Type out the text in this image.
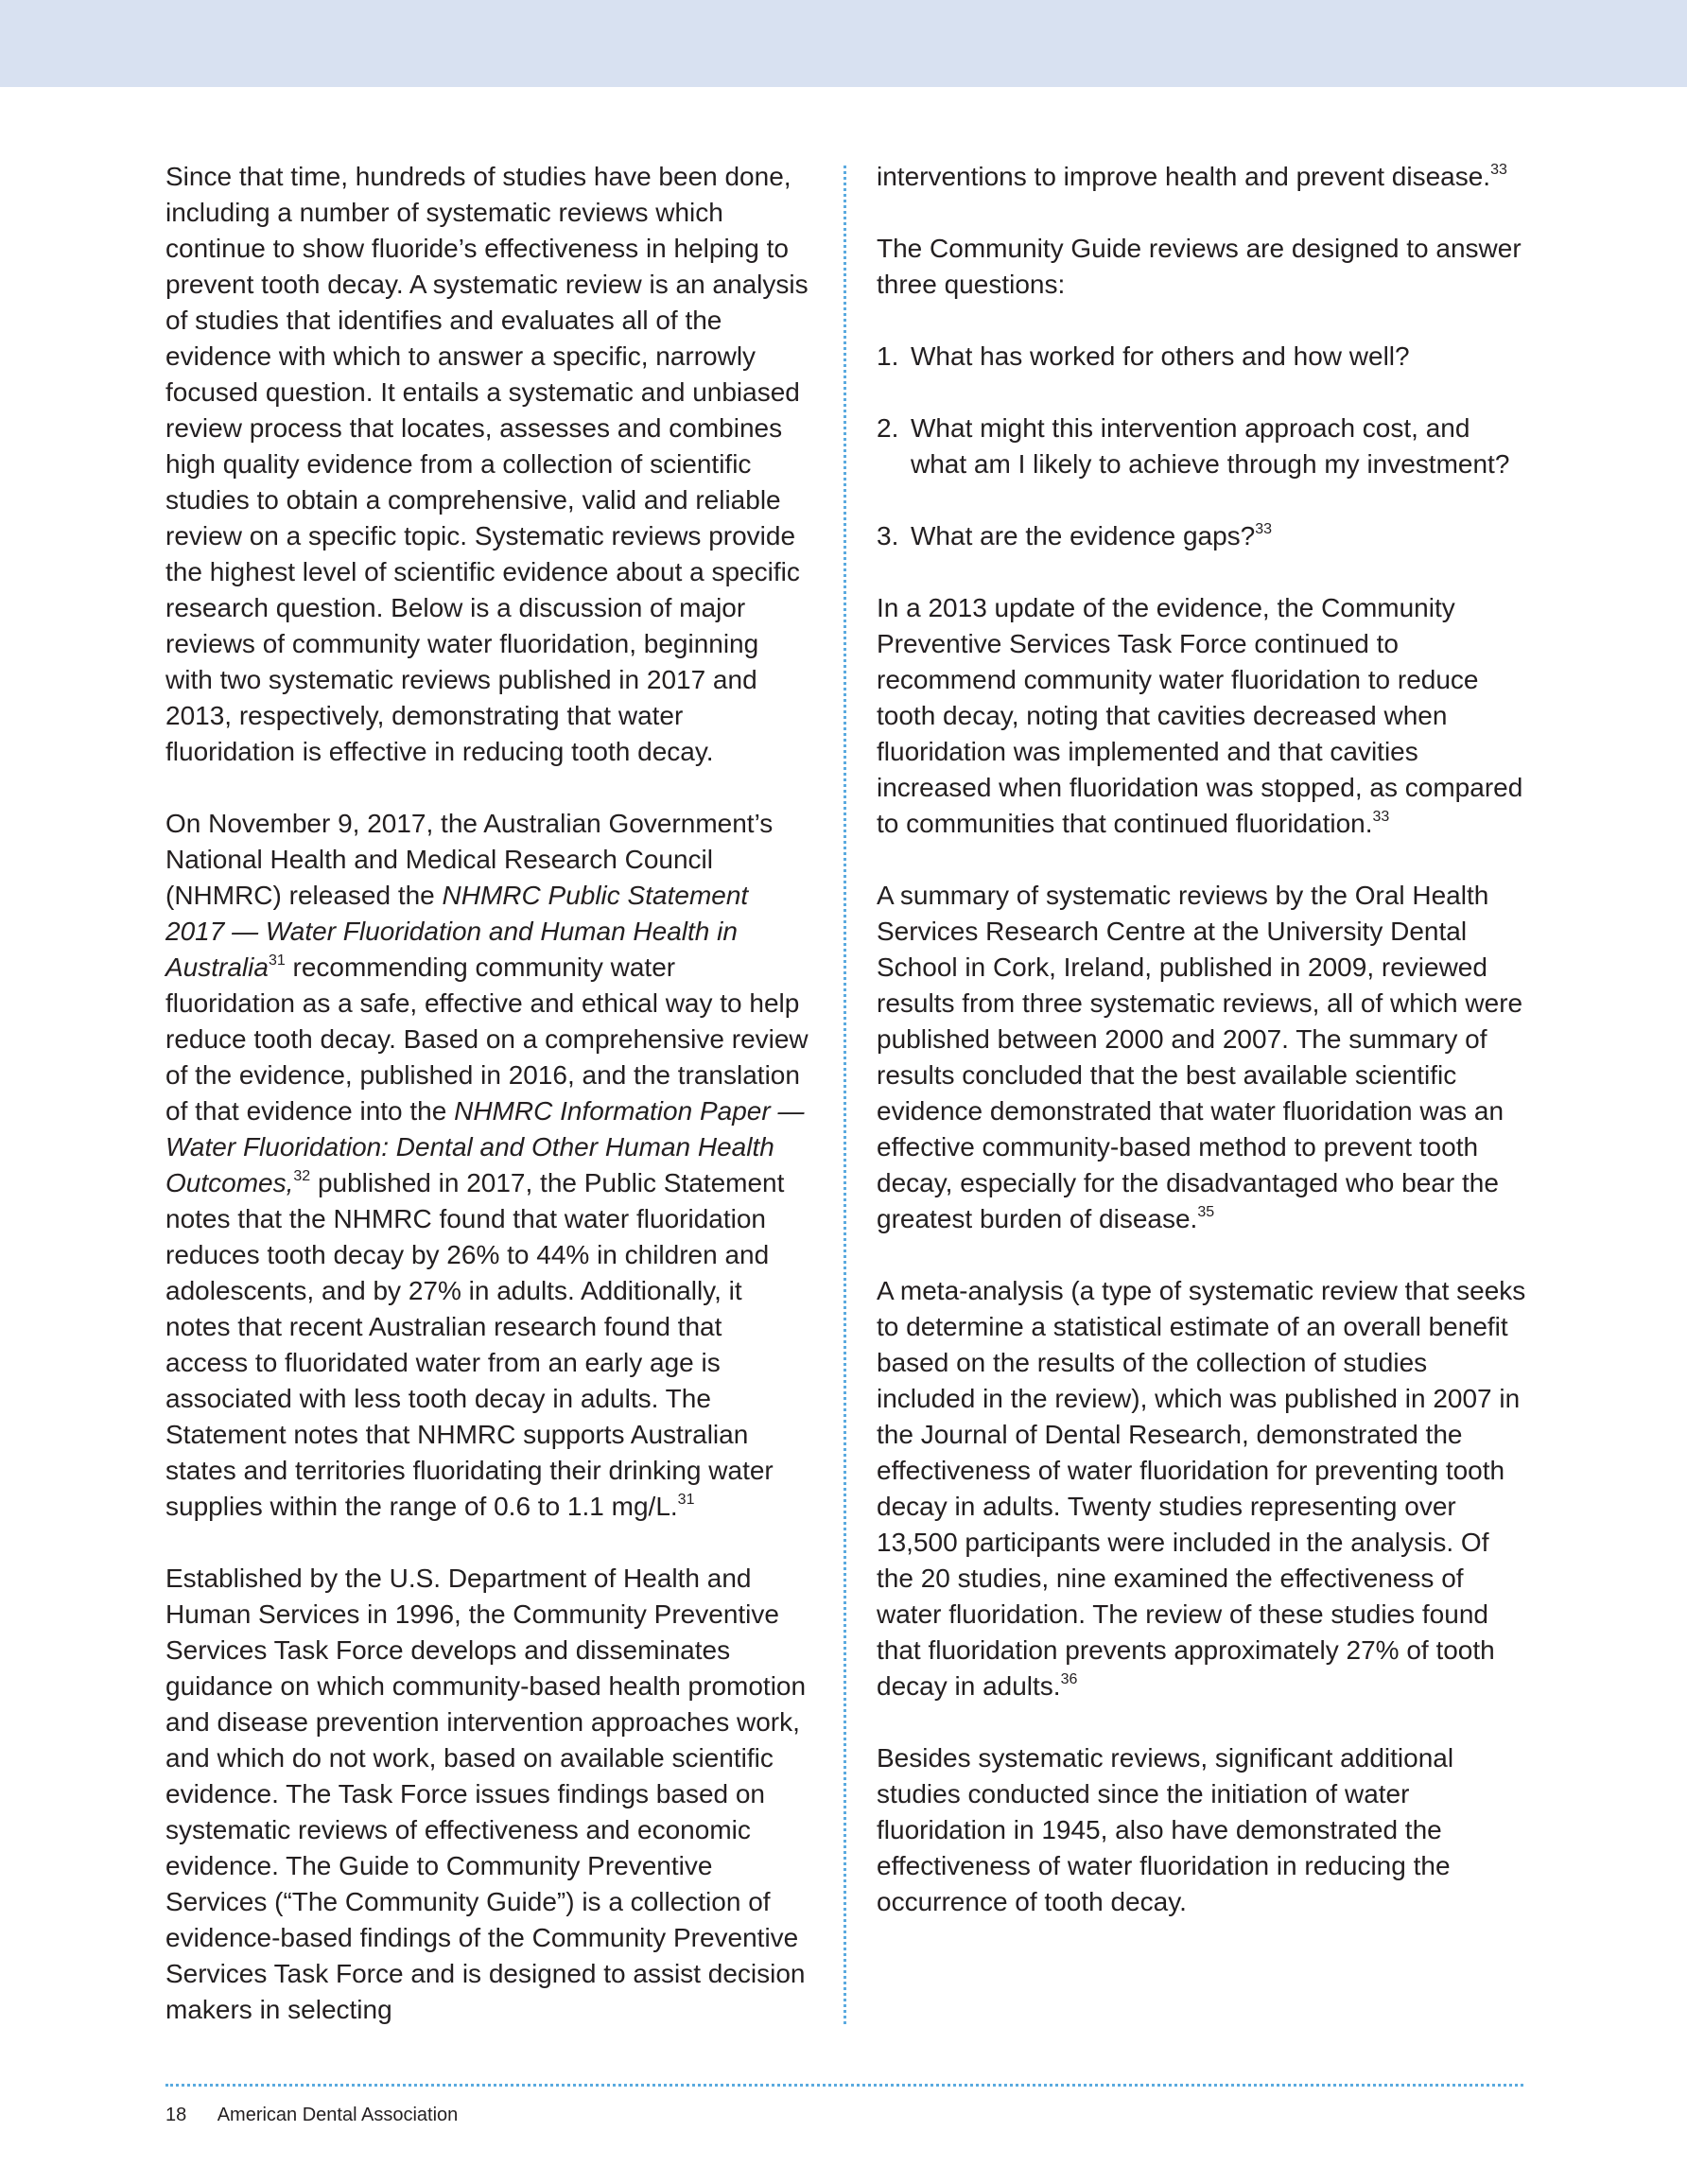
Since that time, hundreds of studies have been done, including a number of systematic reviews which continue to show fluoride’s effectiveness in helping to prevent tooth decay. A systematic review is an analysis of studies that identifies and evaluates all of the evidence with which to answer a specific, narrowly focused question. It entails a systematic and unbiased review process that locates, assesses and combines high quality evidence from a collection of scientific studies to obtain a comprehensive, valid and reliable review on a specific topic. Systematic reviews provide the highest level of scientific evidence about a specific research question. Below is a discussion of major reviews of community water fluoridation, beginning with two systematic reviews published in 2017 and 2013, respectively, demonstrating that water fluoridation is effective in reducing tooth decay.

On November 9, 2017, the Australian Government’s National Health and Medical Research Council (NHMRC) released the NHMRC Public Statement 2017 — Water Fluoridation and Human Health in Australia$^{31}$ recommending community water fluoridation as a safe, effective and ethical way to help reduce tooth decay. Based on a comprehensive review of the evidence, published in 2016, and the translation of that evidence into the NHMRC Information Paper — Water Fluoridation: Dental and Other Human Health Outcomes,$^{32}$ published in 2017, the Public Statement notes that the NHMRC found that water fluoridation reduces tooth decay by 26% to 44% in children and adolescents, and by 27% in adults. Additionally, it notes that recent Australian research found that access to fluoridated water from an early age is associated with less tooth decay in adults. The Statement notes that NHMRC supports Australian states and territories fluoridating their drinking water supplies within the range of 0.6 to 1.1 mg/L.$^{31}$

Established by the U.S. Department of Health and Human Services in 1996, the Community Preventive Services Task Force develops and disseminates guidance on which community-based health promotion and disease prevention intervention approaches work, and which do not work, based on available scientific evidence. The Task Force issues findings based on systematic reviews of effectiveness and economic evidence. The Guide to Community Preventive Services (“The Community Guide”) is a collection of evidence-based findings of the Community Preventive Services Task Force and is designed to assist decision makers in selecting

interventions to improve health and prevent disease.$^{33}$

The Community Guide reviews are designed to answer three questions:

1. What has worked for others and how well?
2. What might this intervention approach cost, and what am I likely to achieve through my investment?
3. What are the evidence gaps?$^{33}$

In a 2013 update of the evidence, the Community Preventive Services Task Force continued to recommend community water fluoridation to reduce tooth decay, noting that cavities decreased when fluoridation was implemented and that cavities increased when fluoridation was stopped, as compared to communities that continued fluoridation.$^{33}$

A summary of systematic reviews by the Oral Health Services Research Centre at the University Dental School in Cork, Ireland, published in 2009, reviewed results from three systematic reviews, all of which were published between 2000 and 2007. The summary of results concluded that the best available scientific evidence demonstrated that water fluoridation was an effective community-based method to prevent tooth decay, especially for the disadvantaged who bear the greatest burden of disease.$^{35}$

A meta-analysis (a type of systematic review that seeks to determine a statistical estimate of an overall benefit based on the results of the collection of studies included in the review), which was published in 2007 in the Journal of Dental Research, demonstrated the effectiveness of water fluoridation for preventing tooth decay in adults. Twenty studies representing over 13,500 participants were included in the analysis. Of the 20 studies, nine examined the effectiveness of water fluoridation. The review of these studies found that fluoridation prevents approximately 27% of tooth decay in adults.$^{36}$

Besides systematic reviews, significant additional studies conducted since the initiation of water fluoridation in 1945, also have demonstrated the effectiveness of water fluoridation in reducing the occurrence of tooth decay.

18 American Dental Association
